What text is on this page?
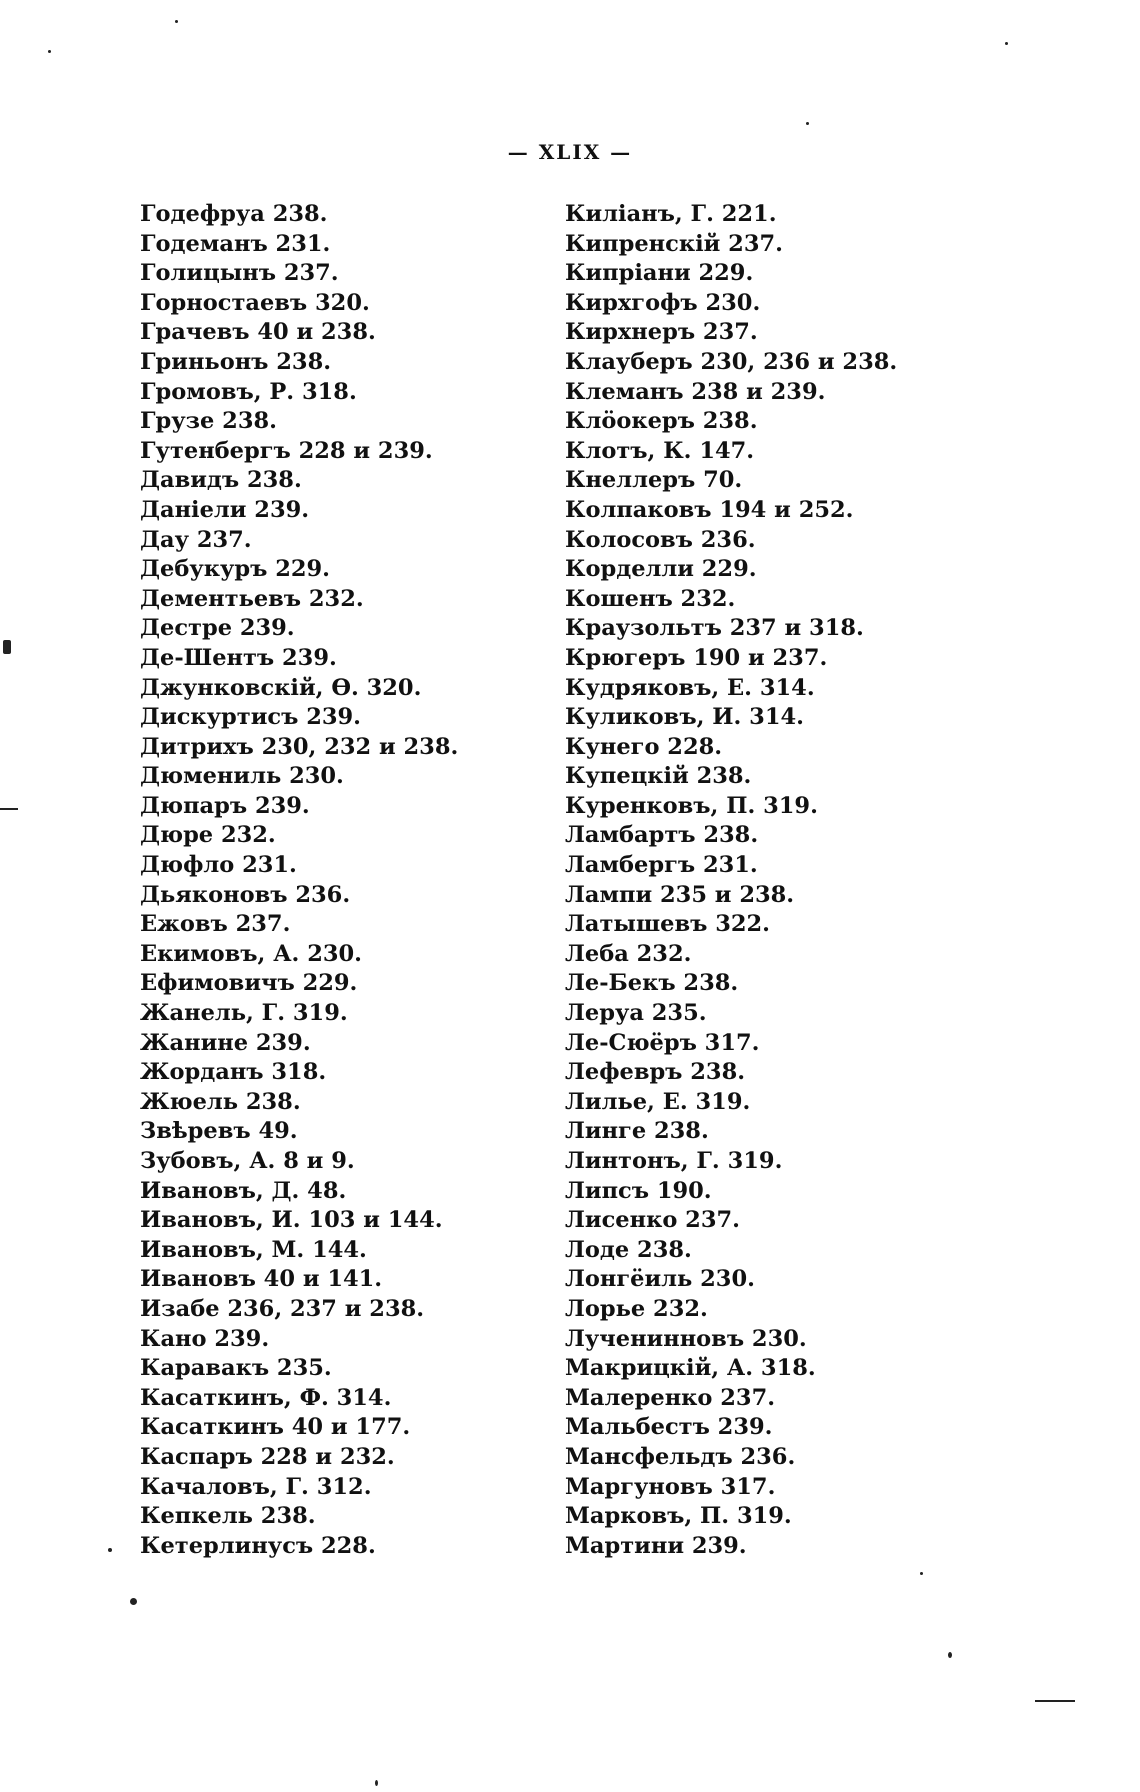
— XLIX —
Годефруа 238.
Годеманъ 231.
Голицынъ 237.
Горностаевъ 320.
Грачевъ 40 и 238.
Гриньонъ 238.
Громовъ, Р. 318.
Грузе 238.
Гутенбергъ 228 и 239.
Давидъ 238.
Даніели 239.
Дау 237.
Дебукуръ 229.
Дементьевъ 232.
Дестре 239.
Де-Шентъ 239.
Джунковскій, Ѳ. 320.
Дискуртисъ 239.
Дитрихъ 230, 232 и 238.
Дюмениль 230.
Дюпаръ 239.
Дюре 232.
Дюфло 231.
Дьяконовъ 236.
Ежовъ 237.
Екимовъ, А. 230.
Ефимовичъ 229.
Жанель, Г. 319.
Жанине 239.
Жорданъ 318.
Жюель 238.
Звѣревъ 49.
Зубовъ, А. 8 и 9.
Ивановъ, Д. 48.
Ивановъ, И. 103 и 144.
Ивановъ, М. 144.
Ивановъ 40 и 141.
Изабе 236, 237 и 238.
Кано 239.
Каравакъ 235.
Касаткинъ, Ф. 314.
Касаткинъ 40 и 177.
Каспаръ 228 и 232.
Качаловъ, Г. 312.
Кепкель 238.
Кетерлинусъ 228.
Киліанъ, Г. 221.
Кипренскій 237.
Кипріани 229.
Кирхгофъ 230.
Кирхнеръ 237.
Клауберъ 230, 236 и 238.
Клеманъ 238 и 239.
Клöокеръ 238.
Клотъ, К. 147.
Кнеллеръ 70.
Колпаковъ 194 и 252.
Колосовъ 236.
Корделли 229.
Кошенъ 232.
Краузольтъ 237 и 318.
Крюгеръ 190 и 237.
Кудряковъ, Е. 314.
Куликовъ, И. 314.
Кунего 228.
Купецкій 238.
Куренковъ, П. 319.
Ламбартъ 238.
Ламбергъ 231.
Лампи 235 и 238.
Латышевъ 322.
Леба 232.
Ле-Бекъ 238.
Леруа 235.
Ле-Сюёръ 317.
Лефевръ 238.
Лилье, Е. 319.
Линге 238.
Линтонъ, Г. 319.
Липсъ 190.
Лисенко 237.
Лоде 238.
Лонгёиль 230.
Лорье 232.
Лученинновъ 230.
Макрицкій, А. 318.
Малеренко 237.
Мальбестъ 239.
Мансфельдъ 236.
Маргуновъ 317.
Марковъ, П. 319.
Мартини 239.
